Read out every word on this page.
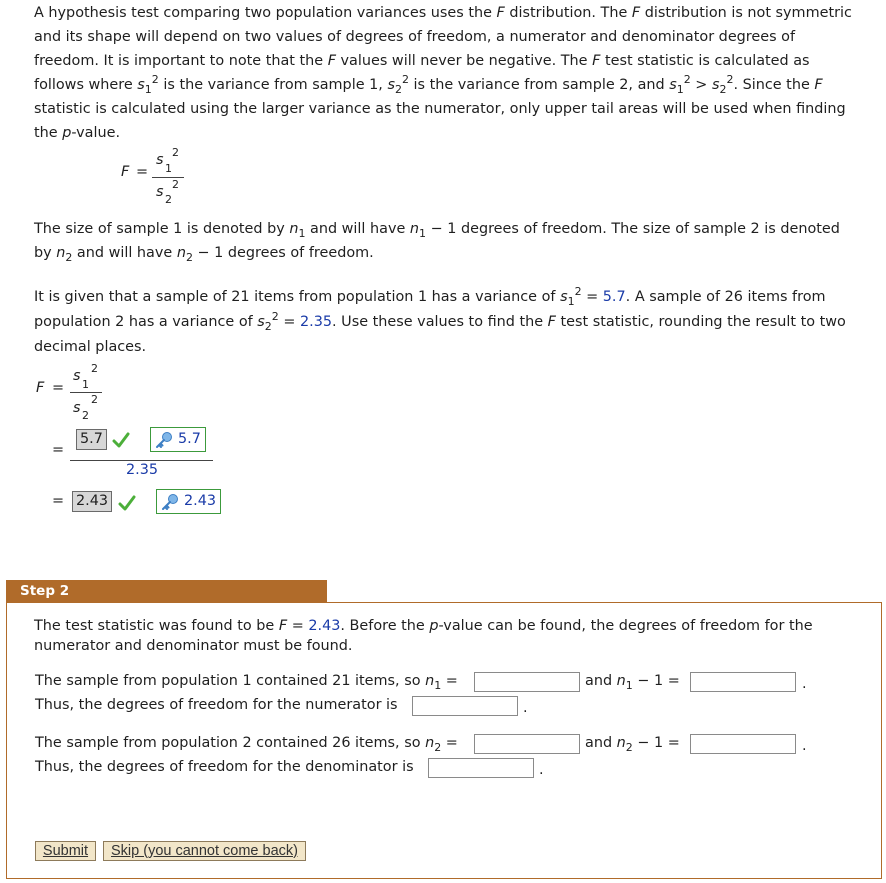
A hypothesis test comparing two population variances uses the F distribution. The F distribution is not symmetric and its shape will depend on two values of degrees of freedom, a numerator and denominator degrees of freedom. It is important to note that the F values will never be negative. The F test statistic is calculated as follows where $s_1^2$ is the variance from sample 1, $s_2^2$ is the variance from sample 2, and $s_1^2 > s_2^2$. Since the F statistic is calculated using the larger variance as the numerator, only upper tail areas will be used when finding the p-value.

F =
s
1
2
s 2
2

The size of sample 1 is denoted by $n_1$ and will have $n_1 - 1$ degrees of freedom. The size of sample 2 is denoted by $n_2$ and will have $n_2 - 1$ degrees of freedom.

It is given that a sample of 21 items from population 1 has a variance of $s_1^2 = 5.7$. A sample of 26 items from population 2 has a variance of $s_2^2 = 2.35$. Use these values to find the F test statistic, rounding the result to two decimal places.

F =
s
1
2
s 2
2
=
5.7	5.7
2.35
= 2.43	2.43
Step 2

The test statistic was found to be F = 2.43. Before the p-value can be found, the degrees of freedom for the numerator and denominator must be found.

The sample from population 1 contained 21 items, so $n_1$ =	and $n_1 - 1$ =	.
Thus, the degrees of freedom for the numerator is	.
The sample from population 2 contained 26 items, so $n_2$ =	and $n_2 - 1$ =	.
Thus, the degrees of freedom for the denominator is	.
Submit	Skip (you cannot come back)
